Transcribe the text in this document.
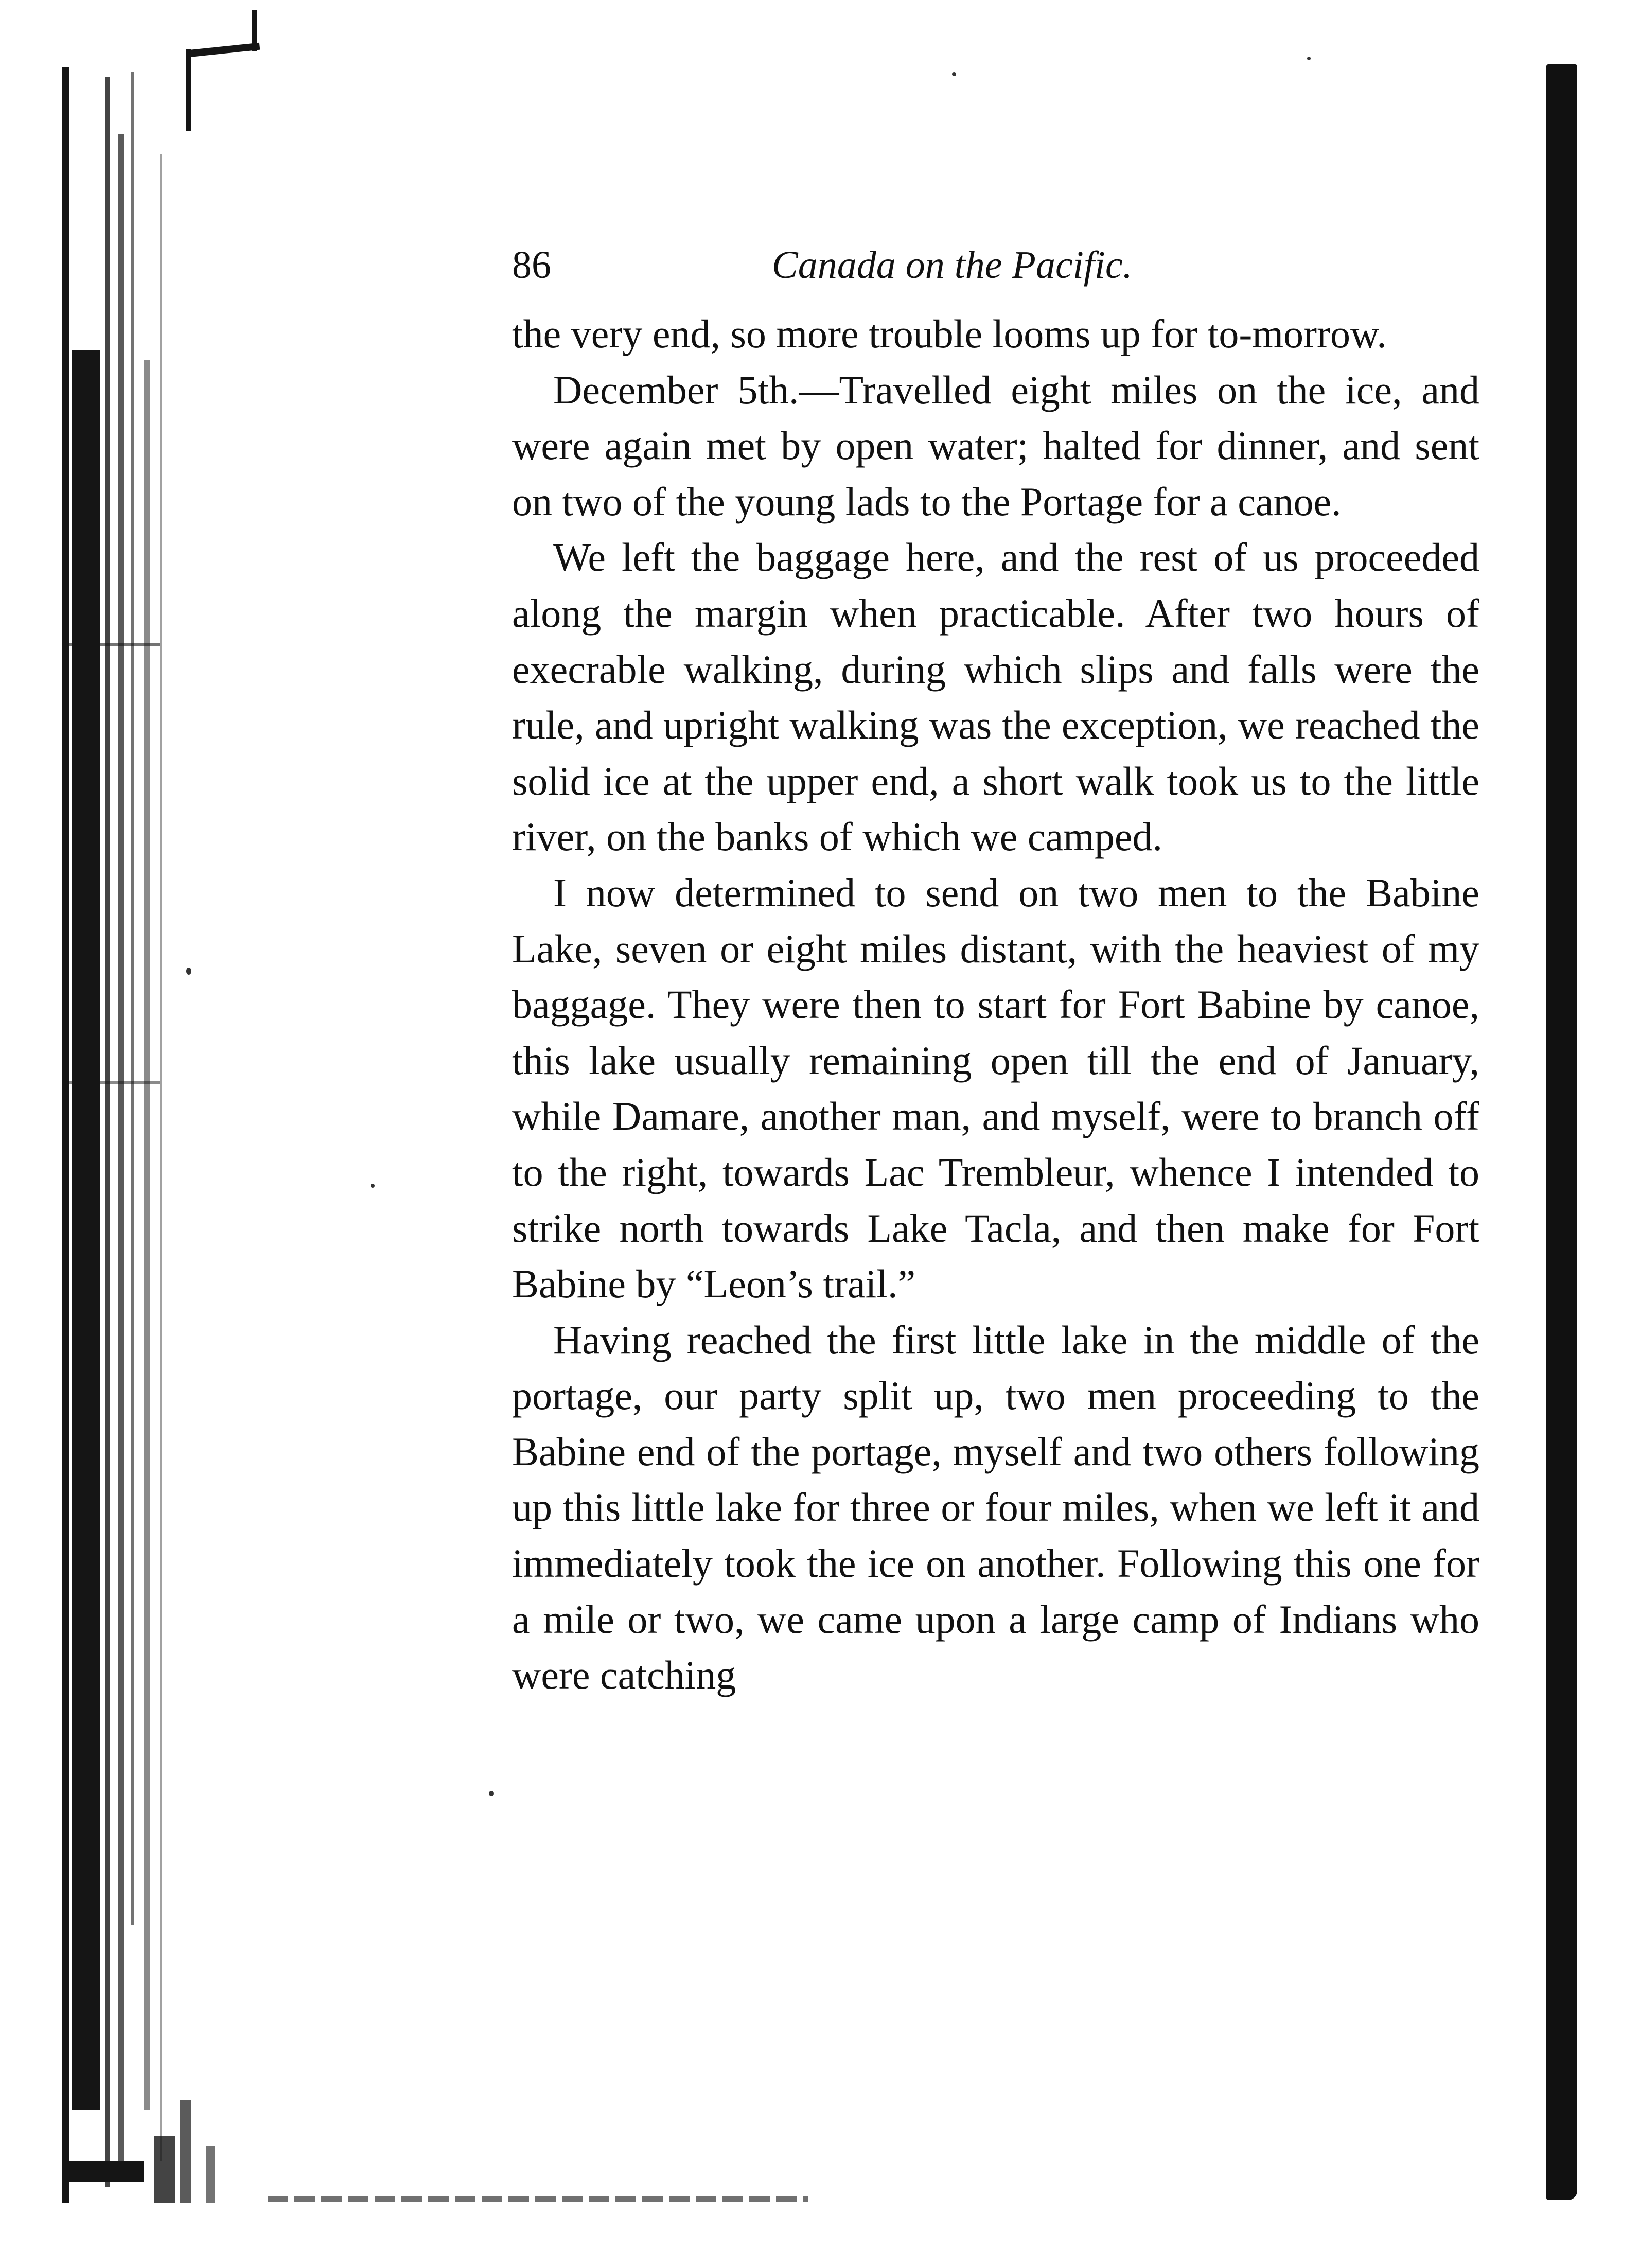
86	Canada on the Pacific.

the very end, so more trouble looms up for to-morrow.

December 5th.—Travelled eight miles on the ice, and were again met by open water; halted for dinner, and sent on two of the young lads to the Portage for a canoe.

We left the baggage here, and the rest of us proceeded along the margin when practicable. After two hours of execrable walking, during which slips and falls were the rule, and upright walking was the exception, we reached the solid ice at the upper end, a short walk took us to the little river, on the banks of which we camped.

I now determined to send on two men to the Babine Lake, seven or eight miles distant, with the heaviest of my baggage. They were then to start for Fort Babine by canoe, this lake usually remaining open till the end of January, while Damare, another man, and myself, were to branch off to the right, towards Lac Trembleur, whence I intended to strike north towards Lake Tacla, and then make for Fort Babine by “Leon’s trail.”

Having reached the first little lake in the middle of the portage, our party split up, two men proceeding to the Babine end of the portage, myself and two others following up this little lake for three or four miles, when we left it and immediately took the ice on another. Following this one for a mile or two, we came upon a large camp of Indians who were catching
